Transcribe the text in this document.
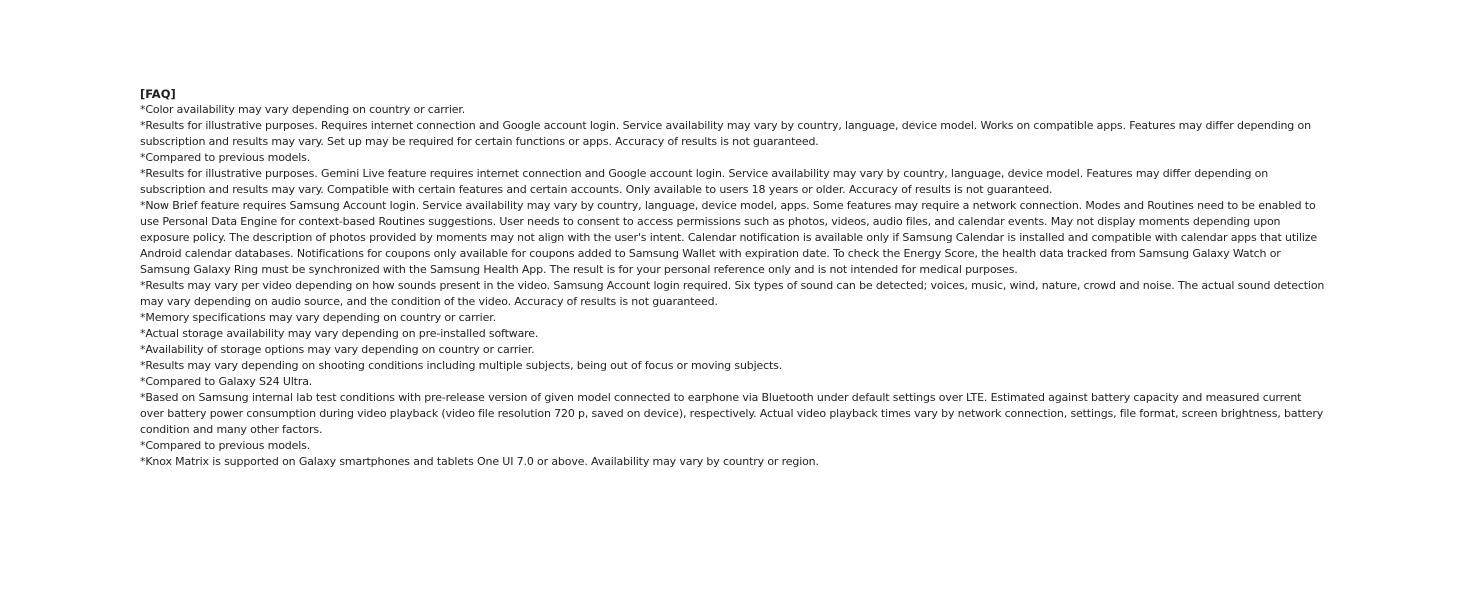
[FAQ]

*Color availability may vary depending on country or carrier.

*Results for illustrative purposes. Requires internet connection and Google account login. Service availability may vary by country, language, device model. Works on compatible apps. Features may differ depending on subscription and results may vary. Set up may be required for certain functions or apps. Accuracy of results is not guaranteed.

*Compared to previous models.

*Results for illustrative purposes. Gemini Live feature requires internet connection and Google account login. Service availability may vary by country, language, device model. Features may differ depending on subscription and results may vary. Compatible with certain features and certain accounts. Only available to users 18 years or older. Accuracy of results is not guaranteed.

*Now Brief feature requires Samsung Account login. Service availability may vary by country, language, device model, apps. Some features may require a network connection. Modes and Routines need to be enabled to use Personal Data Engine for context-based Routines suggestions. User needs to consent to access permissions such as photos, videos, audio files, and calendar events. May not display moments depending upon exposure policy. The description of photos provided by moments may not align with the user's intent. Calendar notification is available only if Samsung Calendar is installed and compatible with calendar apps that utilize Android calendar databases. Notifications for coupons only available for coupons added to Samsung Wallet with expiration date. To check the Energy Score, the health data tracked from Samsung Galaxy Watch or Samsung Galaxy Ring must be synchronized with the Samsung Health App. The result is for your personal reference only and is not intended for medical purposes.

*Results may vary per video depending on how sounds present in the video. Samsung Account login required. Six types of sound can be detected; voices, music, wind, nature, crowd and noise. The actual sound detection may vary depending on audio source, and the condition of the video. Accuracy of results is not guaranteed.

*Memory specifications may vary depending on country or carrier.

*Actual storage availability may vary depending on pre-installed software.

*Availability of storage options may vary depending on country or carrier.

*Results may vary depending on shooting conditions including multiple subjects, being out of focus or moving subjects.

*Compared to Galaxy S24 Ultra.

*Based on Samsung internal lab test conditions with pre-release version of given model connected to earphone via Bluetooth under default settings over LTE. Estimated against battery capacity and measured current over battery power consumption during video playback (video file resolution 720 p, saved on device), respectively. Actual video playback times vary by network connection, settings, file format, screen brightness, battery condition and many other factors.

*Compared to previous models.

*Knox Matrix is supported on Galaxy smartphones and tablets One UI 7.0 or above. Availability may vary by country or region.
